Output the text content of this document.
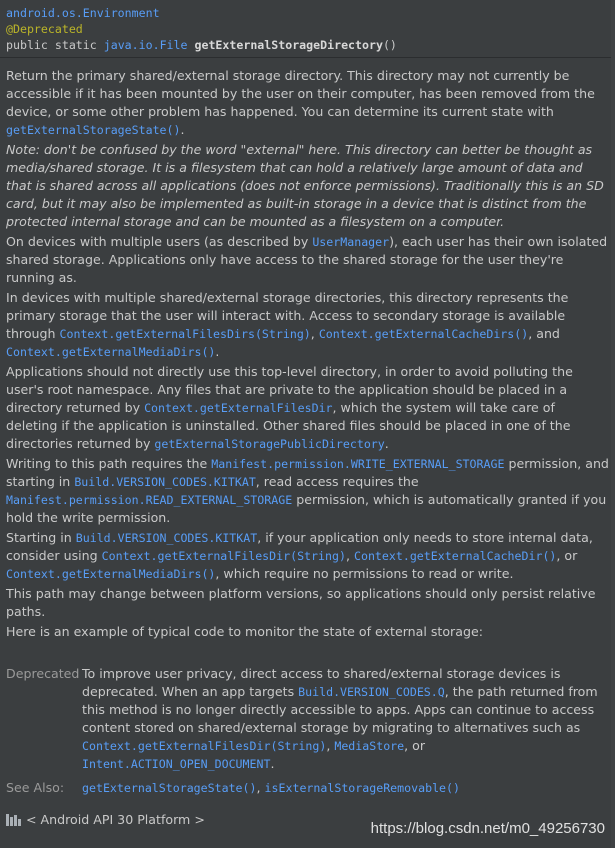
android.os.Environment
@Deprecated
public static java.io.File getExternalStorageDirectory()

Return the primary shared/external storage directory. This directory may not currently be accessible if it has been mounted by the user on their computer, has been removed from the device, or some other problem has happened. You can determine its current state with getExternalStorageState().

Note: don't be confused by the word "external" here. This directory can better be thought as media/shared storage. It is a filesystem that can hold a relatively large amount of data and that is shared across all applications (does not enforce permissions). Traditionally this is an SD card, but it may also be implemented as built-in storage in a device that is distinct from the protected internal storage and can be mounted as a filesystem on a computer.

On devices with multiple users (as described by UserManager), each user has their own isolated shared storage. Applications only have access to the shared storage for the user they're running as.

In devices with multiple shared/external storage directories, this directory represents the primary storage that the user will interact with. Access to secondary storage is available through Context.getExternalFilesDirs(String), Context.getExternalCacheDirs(), and Context.getExternalMediaDirs().

Applications should not directly use this top-level directory, in order to avoid polluting the user's root namespace. Any files that are private to the application should be placed in a directory returned by Context.getExternalFilesDir, which the system will take care of deleting if the application is uninstalled. Other shared files should be placed in one of the directories returned by getExternalStoragePublicDirectory.

Writing to this path requires the Manifest.permission.WRITE_EXTERNAL_STORAGE permission, and starting in Build.VERSION_CODES.KITKAT, read access requires the Manifest.permission.READ_EXTERNAL_STORAGE permission, which is automatically granted if you hold the write permission.

Starting in Build.VERSION_CODES.KITKAT, if your application only needs to store internal data, consider using Context.getExternalFilesDir(String), Context.getExternalCacheDir(), or Context.getExternalMediaDirs(), which require no permissions to read or write.

This path may change between platform versions, so applications should only persist relative paths.

Here is an example of typical code to monitor the state of external storage:

Deprecated To improve user privacy, direct access to shared/external storage devices is deprecated. When an app targets Build.VERSION_CODES.Q, the path returned from this method is no longer directly accessible to apps. Apps can continue to access content stored on shared/external storage by migrating to alternatives such as Context.getExternalFilesDir(String), MediaStore, or Intent.ACTION_OPEN_DOCUMENT.
See Also:	getExternalStorageState(), isExternalStorageRemovable()
< Android API 30 Platform >
https://blog.csdn.net/m0_49256730
